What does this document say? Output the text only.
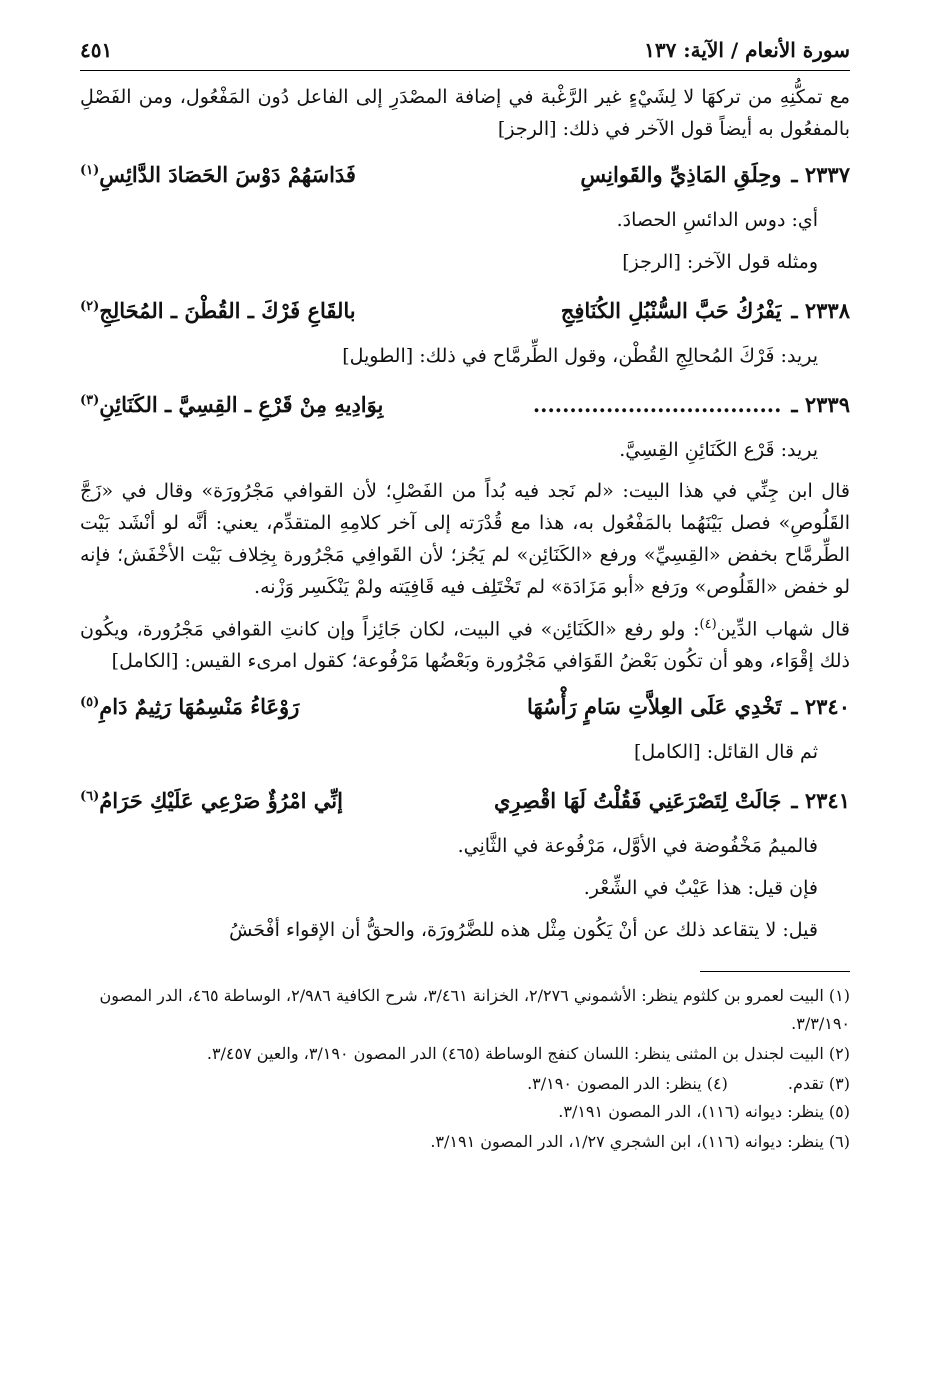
سورة الأنعام / الآية: ١٣٧
٤٥١

مع تمكُّنِهِ من تركهَا لا لِشَيْءٍ غير الرَّغْبة في إضافة المصْدَرِ إلى الفاعل دُون المَفْعُول، ومن الفَصْلِ بالمفعُول به أيضاً قول الآخر في ذلك: [الرجز]

٢٣٣٧ ـ
وحِلَقِ المَاذِيِّ والقَوانِسِ
فَدَاسَهُمْ دَوْسَ الحَصَادَ الدَّائِسِ$^{(١)}$

أي: دوس الدائسِ الحصادَ.

ومثله قول الآخر: [الرجز]

٢٣٣٨ ـ
يَفْرُكُ حَبَّ السُّنْبُلِ الكُنَافِجِ
بالقَاعِ فَرْكَ ـ القُطْنَ ـ المُحَالِجِ$^{(٢)}$

يريد: فَرْكَ المُحالِجِ القُطْن، وقول الطِّرمَّاح في ذلك: [الطويل]

٢٣٣٩ ـ
..................................
بِوَادِيهِ مِنْ قَرْعِ ـ القِسِيَّ ـ الكَنَائِنِ$^{(٣)}$

يريد: قَرْع الكَنَائِنِ القِسِيَّ.

قال ابن جِنِّي في هذا البيت: «لم نَجد فيه بُداً من الفَصْلِ؛ لأن القوافي مَجْرُورَة» وقال في «زَجَّ القَلُوصِ» فصل بَيْنَهُما بالمَفْعُول به، هذا مع قُدْرَته إلى آخر كلامِهِ المتقدِّم، يعني: أنَّه لو أنْشَد بَيْت الطِّرمَّاح بخفض «القِسِيِّ» ورفع «الكَنَائِن» لم يَجُز؛ لأن القَوافِي مَجْرُورة بِخِلاف بَيْت الأخْفَش؛ فإنه لو خفض «القَلُوص» ورَفع «أبو مَزَادَة» لم تَخْتَلِف فيه قَافِيَته ولمْ يَنْكَسِر وَزْنه.

قال شهاب الدِّين$^{(٤)}$: ولو رفع «الكَنَائِن» في البيت، لكان جَائِزاً وإن كانتِ القوافي مَجْرُورة، ويكُون ذلك إقْوَاء، وهو أن تكُون بَعْضُ القَوَافي مَجْرُورة وبَعْضُها مَرْفُوعة؛ كقول امرىء القيس: [الكامل]

٢٣٤٠ ـ
تَخْدِي عَلَى العِلاَّتِ سَامٍ رَأْسُهَا
رَوْعَاءُ مَنْسِمُهَا رَثِيمٌ دَامِ$^{(٥)}$

ثم قال القائل: [الكامل]

٢٣٤١ ـ
جَالَتْ لِتَصْرَعَنِي فَقُلْتُ لَهَا اقْصِرِي
إنِّي امْرُؤٌ صَرْعِي عَلَيْكِ حَرَامُ$^{(٦)}$

فالميمُ مَخْفُوضة في الأوَّل، مَرْفُوعة في الثَّانِي.

فإن قيل: هذا عَيْبٌ في الشِّعْر.

قيل: لا يتقاعد ذلك عن أنْ يَكُون مِثْل هذه للضَّرُورَة، والحقُّ أن الإقواء أفْحَشُ

(١) البيت لعمرو بن كلثوم ينظر: الأشموني ٢/٢٧٦، الخزانة ٣/٤٦١، شرح الكافية ٢/٩٨٦، الوساطة ٤٦٥، الدر المصون ٣/٣/١٩٠.

(٢) البيت لجندل بن المثنى ينظر: اللسان كنفج الوساطة (٤٦٥) الدر المصون ٣/١٩٠، والعين ٣/٤٥٧.

(٣) تقدم.
(٤) ينظر: الدر المصون ٣/١٩٠.

(٥) ينظر: ديوانه (١١٦)، الدر المصون ٣/١٩١.

(٦) ينظر: ديوانه (١١٦)، ابن الشجري ١/٢٧، الدر المصون ٣/١٩١.
